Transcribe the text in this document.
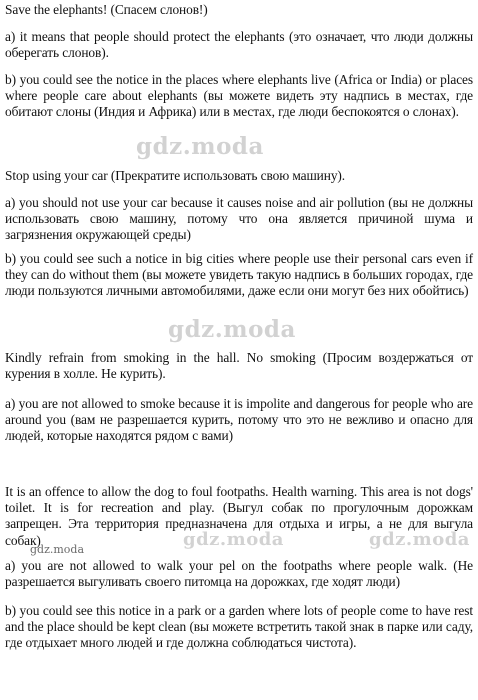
Save the elephants! (Спасем слонов!)

a) it means that people should protect the elephants (это означает, что люди должны оберегать слонов).

b) you could see the notice in the places where elephants live (Africa or India) or places where people care about elephants (вы можете видеть эту надпись в местах, где обитают слоны (Индия и Африка) или в местах, где люди беспокоятся о слонах).

Stop using your car (Прекратите использовать свою машину).

a) you should not use your car because it causes noise and air pollution (вы не должны использовать свою машину, потому что она является причиной шума и загрязнения окружающей среды)

b) you could see such a notice in big cities where people use their personal cars even if they can do without them (вы можете увидеть такую надпись в больших городах, где люди пользуются личными автомобилями, даже если они могут без них обойтись)

Kindly refrain from smoking in the hall. No smoking (Просим воздержаться от курения в холле. Не курить).

a) you are not allowed to smoke because it is impolite and dangerous for people who are around you (вам не разрешается курить, потому что это не вежливо и опасно для людей, которые находятся рядом с вами)

It is an offence to allow the dog to foul footpaths. Health warning. This area is not dogs' toilet. It is for recreation and play. (Выгул собак по прогулочным дорожкам запрещен. Эта территория предназначена для отдыха и игры, а не для выгула собак)

a) you are not allowed to walk your pel on the footpaths where people walk. (Не разрешается выгуливать своего питомца на дорожках, где ходят люди)

b) you could see this notice in a park or a garden where lots of people come to have rest and the place should be kept clean (вы можете встретить такой знак в парке или саду, где отдыхает много людей и где должна соблюдаться чистота).

gdz.moda
gdz.moda
gdz.moda	gdz.moda
gdz.moda
